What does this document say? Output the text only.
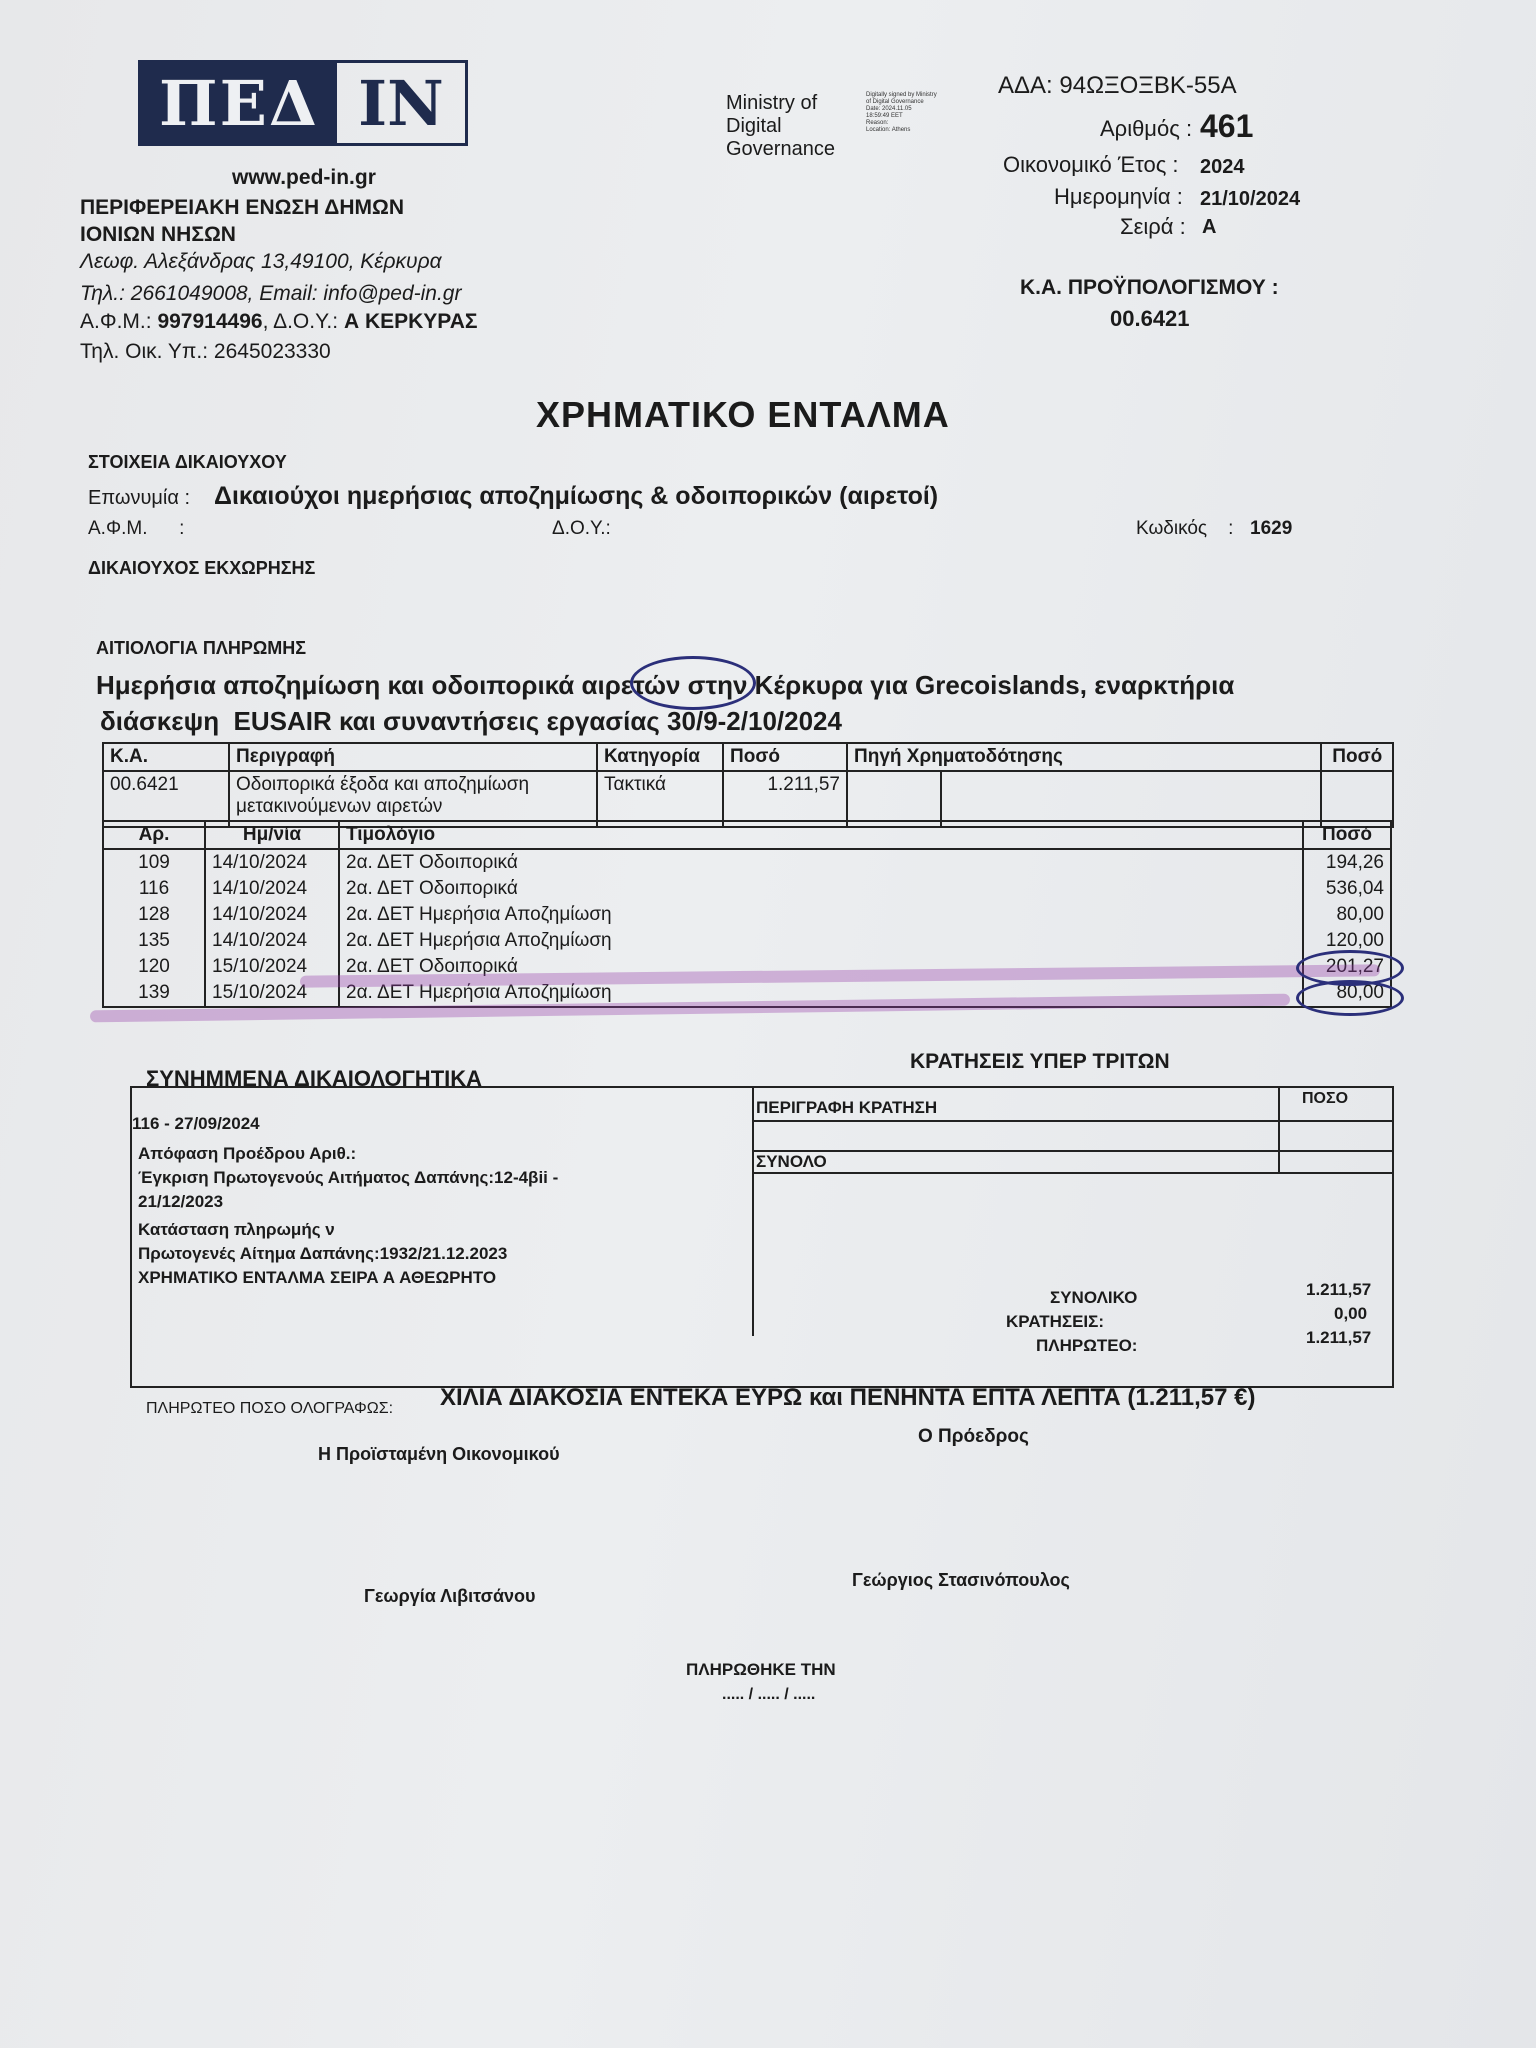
ΠΕΔ IN
www.ped-in.gr
ΠΕΡΙΦΕΡΕΙΑΚΗ ΕΝΩΣΗ ΔΗΜΩΝ
ΙΟΝΙΩΝ ΝΗΣΩΝ
Λεωφ. Αλεξάνδρας 13,49100, Κέρκυρα
Τηλ.: 2661049008, Email: info@ped-in.gr
Α.Φ.Μ.: 997914496, Δ.Ο.Υ.: Α ΚΕΡΚΥΡΑΣ
Τηλ. Οικ. Υπ.: 2645023330
Ministry of Digital Governance
Digitally signed by Ministry
of Digital Governance
Date: 2024.11.05
18:59:49 EET
Reason:
Location: Athens
ΑΔΑ: 94ΩΞΟΞΒΚ-55Α
Αριθμός : 461
Οικονομικό Έτος : 2024
Ημερομηνία : 21/10/2024
Σειρά : Α
Κ.Α. ΠΡΟΫΠΟΛΟΓΙΣΜΟΥ :
00.6421
ΧΡΗΜΑΤΙΚΟ ΕΝΤΑΛΜΑ
ΣΤΟΙΧΕΙΑ ΔΙΚΑΙΟΥΧΟΥ
Επωνυμία : Δικαιούχοι ημερήσιας αποζημίωσης & οδοιπορικών (αιρετοί)
Α.Φ.Μ.      :	Δ.Ο.Υ.:	Κωδικός    : 1629
ΔΙΚΑΙΟΥΧΟΣ ΕΚΧΩΡΗΣΗΣ
ΑΙΤΙΟΛΟΓΙΑ ΠΛΗΡΩΜΗΣ
Ημερήσια αποζημίωση και οδοιπορικά αιρετών στην Κέρκυρα για Grecoislands, εναρκτήρια
διάσκεψη  EUSAIR και συναντήσεις εργασίας 30/9-2/10/2024
Κ.Α.	Περιγραφή	Κατηγορία	Ποσό	Πηγή Χρηματοδότησης		Ποσό
00.6421	Οδοιπορικά έξοδα και αποζημίωση μετακινούμενων αιρετών	Τακτικά	1.211,57			
Αρ.	Ημ/νία	Τιμολόγιο	Ποσό
109	14/10/2024	2α. ΔΕΤ Οδοιπορικά	194,26
116	14/10/2024	2α. ΔΕΤ Οδοιπορικά	536,04
128	14/10/2024	2α. ΔΕΤ Ημερήσια Αποζημίωση	80,00
135	14/10/2024	2α. ΔΕΤ Ημερήσια Αποζημίωση	120,00
120	15/10/2024	2α. ΔΕΤ Οδοιπορικά	201,27
139	15/10/2024	2α. ΔΕΤ Ημερήσια Αποζημίωση	80,00
ΣΥΝΗΜΜΕΝΑ ΔΙΚΑΙΟΛΟΓΗΤΙΚΑ
ΚΡΑΤΗΣΕΙΣ ΥΠΕΡ ΤΡΙΤΩΝ
116 - 27/09/2024
Απόφαση Προέδρου Αριθ.:
Έγκριση Πρωτογενούς Αιτήματος Δαπάνης:12-4βii -
21/12/2023
Κατάσταση πληρωμής ν
Πρωτογενές Αίτημα Δαπάνης:1932/21.12.2023
ΧΡΗΜΑΤΙΚΟ ΕΝΤΑΛΜΑ ΣΕΙΡΑ Α ΑΘΕΩΡΗΤΟ
ΠΕΡΙΓΡΑΦΗ ΚΡΑΤΗΣΗ	ΠΟΣΟ
ΣΥΝΟΛΟ
ΣΥΝΟΛΙΚΟ	1.211,57
ΚΡΑΤΗΣΕΙΣ:	0,00
ΠΛΗΡΩΤΕΟ:	1.211,57
ΠΛΗΡΩΤΕΟ ΠΟΣΟ ΟΛΟΓΡΑΦΩΣ: ΧΙΛΙΑ ΔΙΑΚΟΣΙΑ ΕΝΤΕΚΑ ΕΥΡΩ και ΠΕΝΗΝΤΑ ΕΠΤΑ ΛΕΠΤΑ (1.211,57 €)
Η Προϊσταμένη Οικονομικού
Ο Πρόεδρος
Γεωργία Λιβιτσάνου
Γεώργιος Στασινόπουλος
ΠΛΗΡΩΘΗΚΕ ΤΗΝ
..... / ..... / .....
